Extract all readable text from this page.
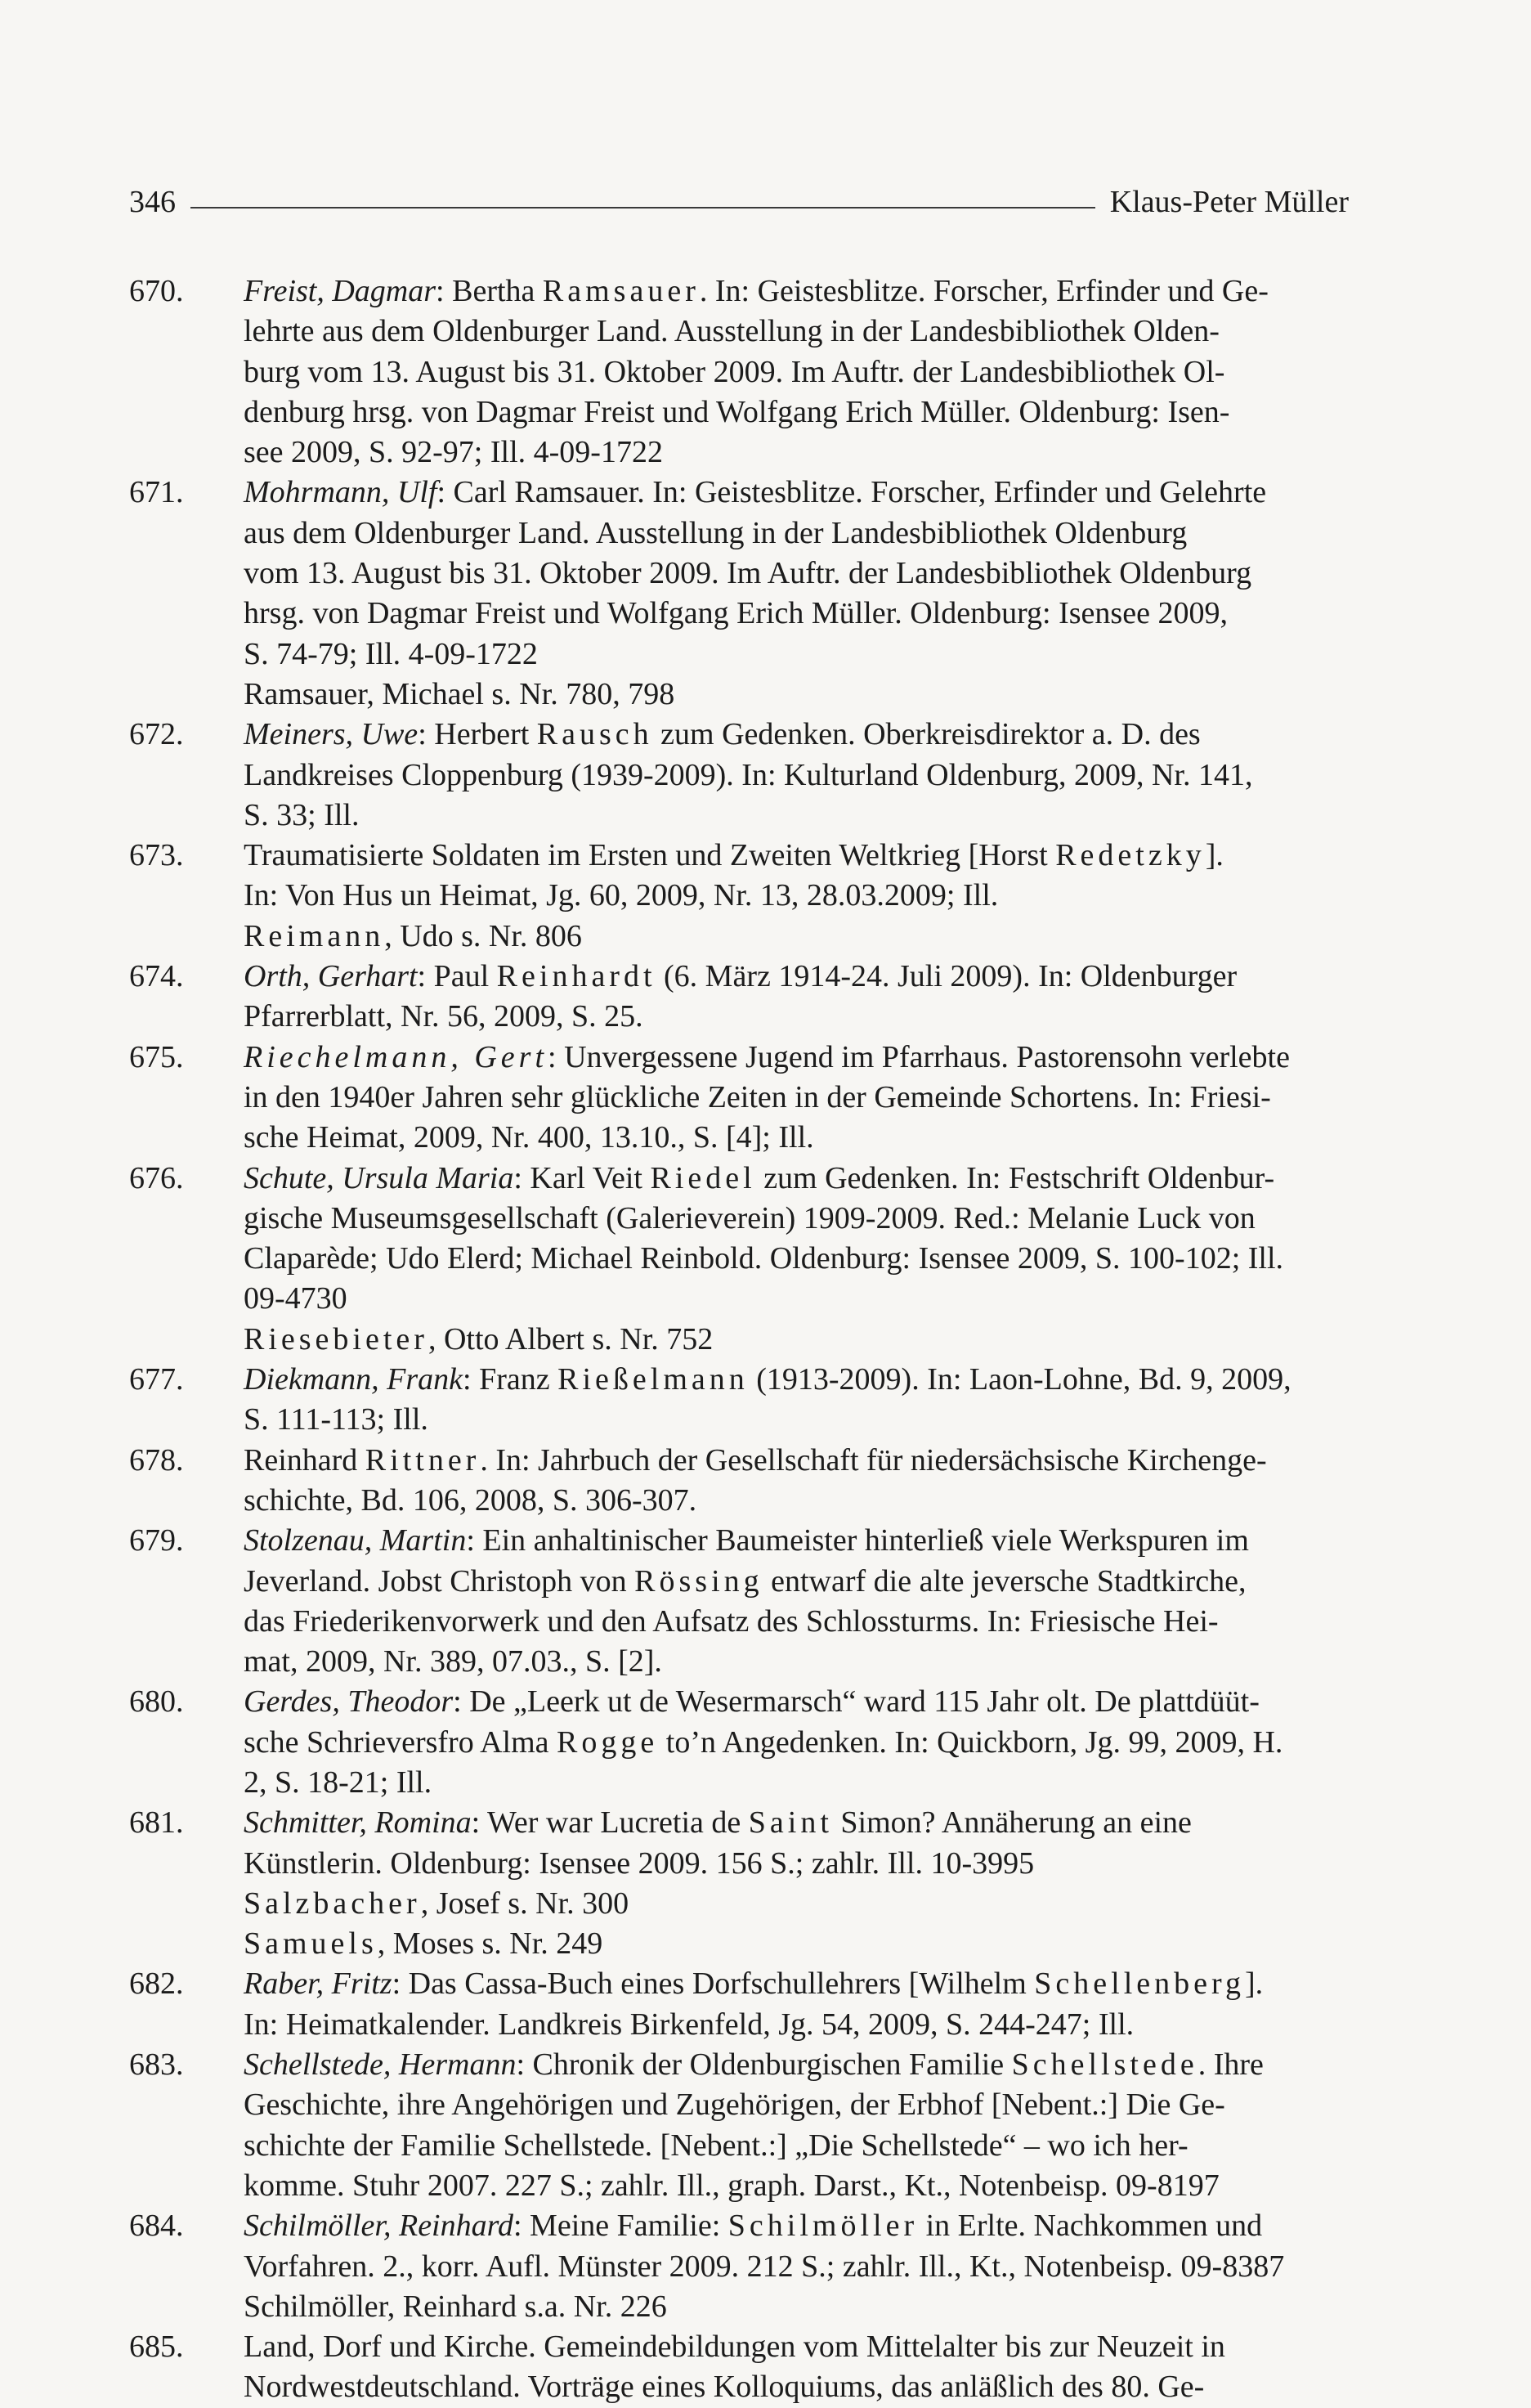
346	Klaus-Peter Müller
670.	Freist, Dagmar: Bertha Ramsauer. In: Geistesblitze. Forscher, Erfinder und Ge-
lehrte aus dem Oldenburger Land. Ausstellung in der Landesbibliothek Olden-
burg vom 13. August bis 31. Oktober 2009. Im Auftr. der Landesbibliothek Ol-
denburg hrsg. von Dagmar Freist und Wolfgang Erich Müller. Oldenburg: Isen-
see 2009, S. 92-97; Ill. 4-09-1722
671.	Mohrmann, Ulf: Carl Ramsauer. In: Geistesblitze. Forscher, Erfinder und Gelehrte
aus dem Oldenburger Land. Ausstellung in der Landesbibliothek Oldenburg
vom 13. August bis 31. Oktober 2009. Im Auftr. der Landesbibliothek Oldenburg
hrsg. von Dagmar Freist und Wolfgang Erich Müller. Oldenburg: Isensee 2009,
S. 74-79; Ill. 4-09-1722
Ramsauer, Michael s. Nr. 780, 798
672.	Meiners, Uwe: Herbert Rausch zum Gedenken. Oberkreisdirektor a. D. des
Landkreises Cloppenburg (1939-2009). In: Kulturland Oldenburg, 2009, Nr. 141,
S. 33; Ill.
673.	Traumatisierte Soldaten im Ersten und Zweiten Weltkrieg [Horst Redetzky].
In: Von Hus un Heimat, Jg. 60, 2009, Nr. 13, 28.03.2009; Ill.
Reimann, Udo s. Nr. 806
674.	Orth, Gerhart: Paul Reinhardt (6. März 1914-24. Juli 2009). In: Oldenburger
Pfarrerblatt, Nr. 56, 2009, S. 25.
675.	Riechelmann, Gert: Unvergessene Jugend im Pfarrhaus. Pastorensohn verlebte
in den 1940er Jahren sehr glückliche Zeiten in der Gemeinde Schortens. In: Friesi-
sche Heimat, 2009, Nr. 400, 13.10., S. [4]; Ill.
676.	Schute, Ursula Maria: Karl Veit Riedel zum Gedenken. In: Festschrift Oldenbur-
gische Museumsgesellschaft (Galerieverein) 1909-2009. Red.: Melanie Luck von
Claparède; Udo Elerd; Michael Reinbold. Oldenburg: Isensee 2009, S. 100-102; Ill.
09-4730
Riesebieter, Otto Albert s. Nr. 752
677.	Diekmann, Frank: Franz Rießelmann (1913-2009). In: Laon-Lohne, Bd. 9, 2009,
S. 111-113; Ill.
678.	Reinhard Rittner. In: Jahrbuch der Gesellschaft für niedersächsische Kirchenge-
schichte, Bd. 106, 2008, S. 306-307.
679.	Stolzenau, Martin: Ein anhaltinischer Baumeister hinterließ viele Werkspuren im
Jeverland. Jobst Christoph von Rössing entwarf die alte jeversche Stadtkirche,
das Friederikenvorwerk und den Aufsatz des Schlossturms. In: Friesische Hei-
mat, 2009, Nr. 389, 07.03., S. [2].
680.	Gerdes, Theodor: De „Leerk ut de Wesermarsch“ ward 115 Jahr olt. De plattdüüt-
sche Schrieversfro Alma Rogge to’n Angedenken. In: Quickborn, Jg. 99, 2009, H.
2, S. 18-21; Ill.
681.	Schmitter, Romina: Wer war Lucretia de Saint Simon? Annäherung an eine
Künstlerin. Oldenburg: Isensee 2009. 156 S.; zahlr. Ill. 10-3995
Salzbacher, Josef s. Nr. 300
Samuels, Moses s. Nr. 249
682.	Raber, Fritz: Das Cassa-Buch eines Dorfschullehrers [Wilhelm Schellenberg].
In: Heimatkalender. Landkreis Birkenfeld, Jg. 54, 2009, S. 244-247; Ill.
683.	Schellstede, Hermann: Chronik der Oldenburgischen Familie Schellstede. Ihre
Geschichte, ihre Angehörigen und Zugehörigen, der Erbhof [Nebent.:] Die Ge-
schichte der Familie Schellstede. [Nebent.:] „Die Schellstede“ – wo ich her-
komme. Stuhr 2007. 227 S.; zahlr. Ill., graph. Darst., Kt., Notenbeisp. 09-8197
684.	Schilmöller, Reinhard: Meine Familie: Schilmöller in Erlte. Nachkommen und
Vorfahren. 2., korr. Aufl. Münster 2009. 212 S.; zahlr. Ill., Kt., Notenbeisp. 09-8387
Schilmöller, Reinhard s.a. Nr. 226
685.	Land, Dorf und Kirche. Gemeindebildungen vom Mittelalter bis zur Neuzeit in
Nordwestdeutschland. Vorträge eines Kolloquiums, das anläßlich des 80. Ge-
